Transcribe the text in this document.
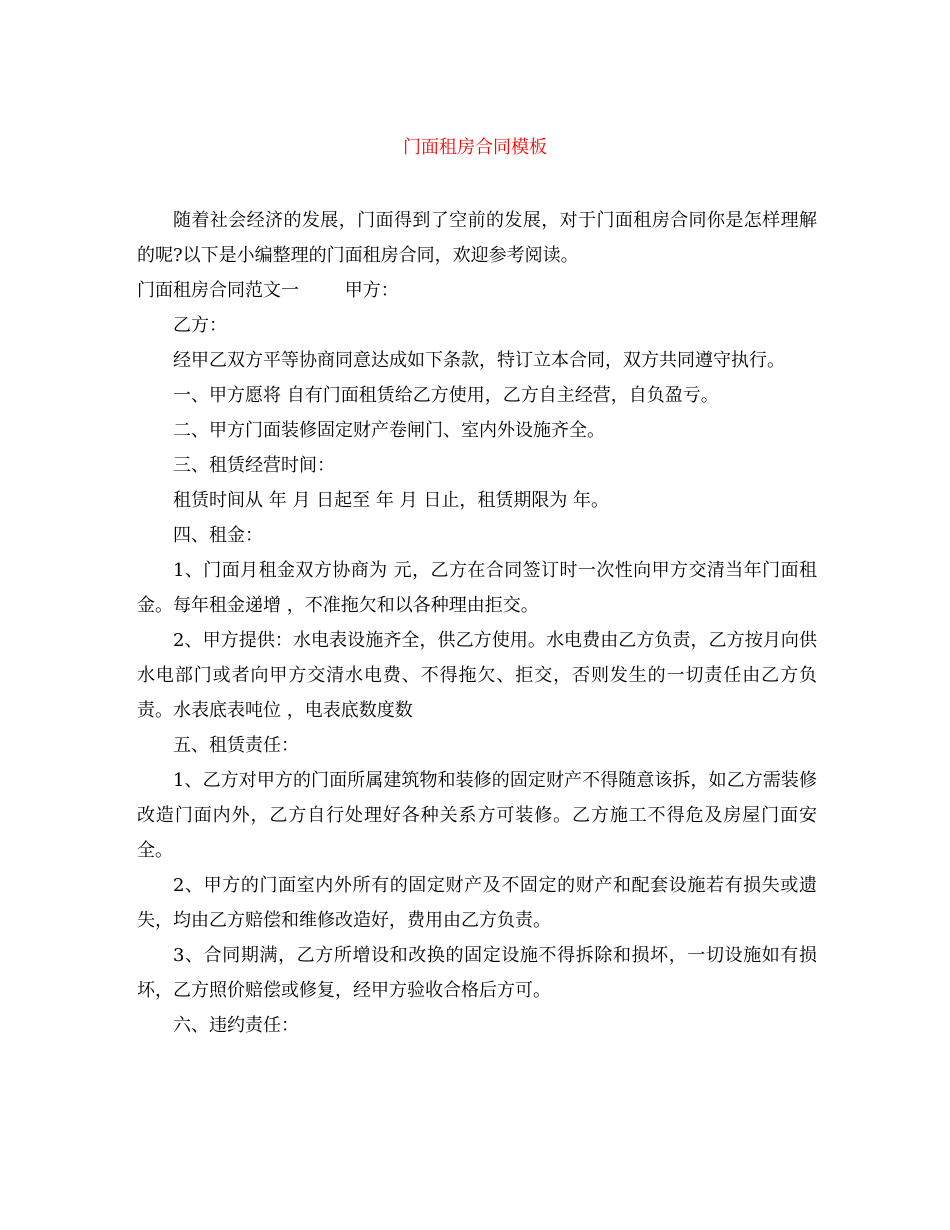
门面租房合同模板

随着社会经济的发展，门面得到了空前的发展，对于门面租房合同你是怎样理解的呢?以下是小编整理的门面租房合同，欢迎参考阅读。

门面租房合同范文一        甲方：

乙方：

经甲乙双方平等协商同意达成如下条款，特订立本合同，双方共同遵守执行。

一、甲方愿将 自有门面租赁给乙方使用，乙方自主经营，自负盈亏。

二、甲方门面装修固定财产卷闸门、室内外设施齐全。

三、租赁经营时间：

租赁时间从 年 月 日起至 年 月 日止，租赁期限为 年。

四、租金：

1、门面月租金双方协商为 元，乙方在合同签订时一次性向甲方交清当年门面租金。每年租金递增 ，不准拖欠和以各种理由拒交。

2、甲方提供：水电表设施齐全，供乙方使用。水电费由乙方负责，乙方按月向供水电部门或者向甲方交清水电费、不得拖欠、拒交，否则发生的一切责任由乙方负责。水表底表吨位 ，电表底数度数

五、租赁责任：

1、乙方对甲方的门面所属建筑物和装修的固定财产不得随意该拆，如乙方需装修改造门面内外，乙方自行处理好各种关系方可装修。乙方施工不得危及房屋门面安全。

2、甲方的门面室内外所有的固定财产及不固定的财产和配套设施若有损失或遗失，均由乙方赔偿和维修改造好，费用由乙方负责。

3、合同期满，乙方所增设和改换的固定设施不得拆除和损坏，一切设施如有损坏，乙方照价赔偿或修复，经甲方验收合格后方可。

六、违约责任：
